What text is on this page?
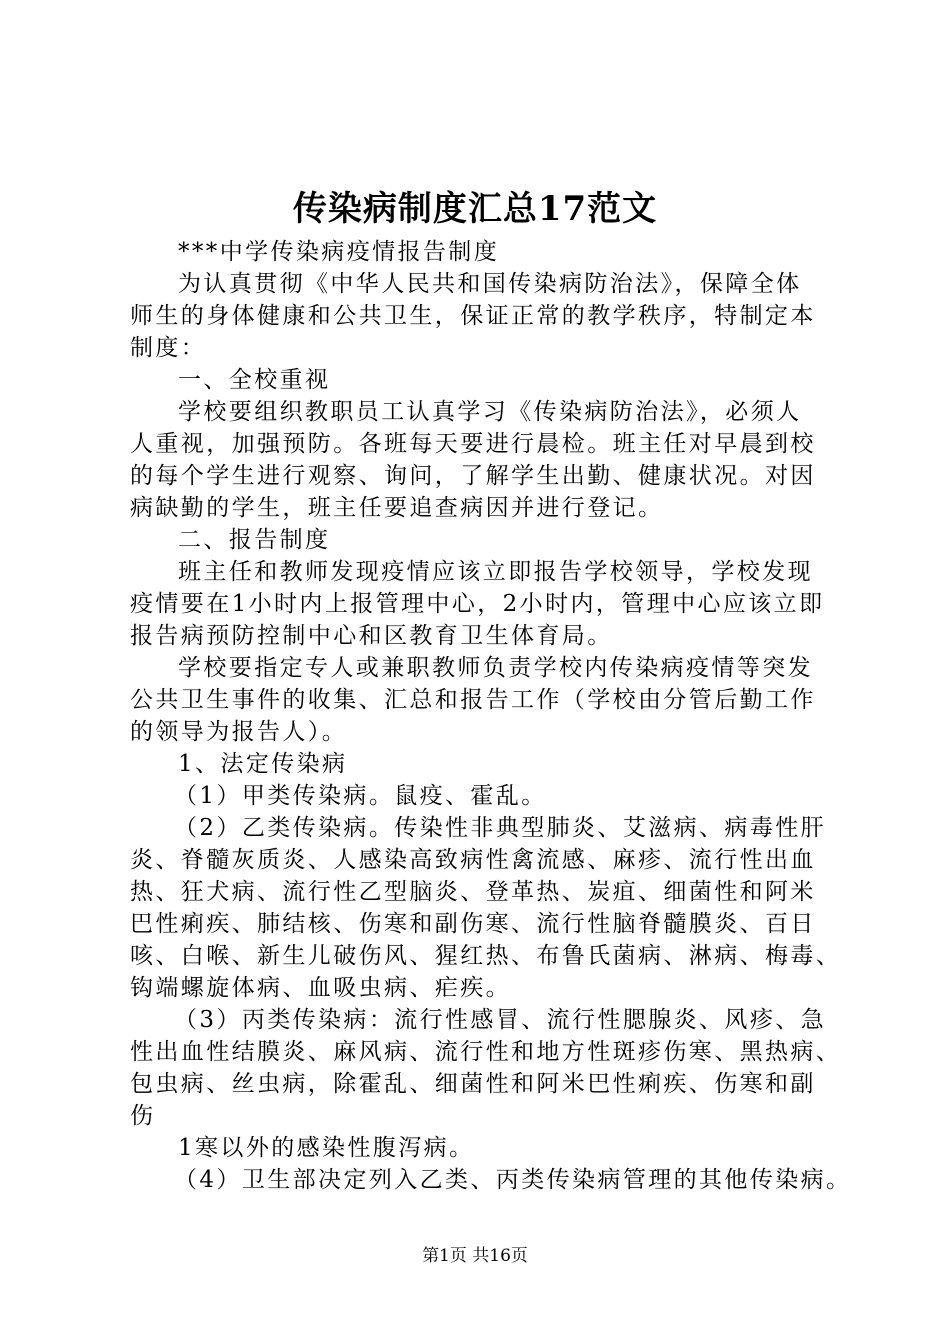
传染病制度汇总17范文
***中学传染病疫情报告制度
为认真贯彻《中华人民共和国传染病防治法》，保障全体
师生的身体健康和公共卫生，保证正常的教学秩序，特制定本
制度：
一、全校重视
学校要组织教职员工认真学习《传染病防治法》，必须人
人重视，加强预防。各班每天要进行晨检。班主任对早晨到校
的每个学生进行观察、询问，了解学生出勤、健康状况。对因
病缺勤的学生，班主任要追查病因并进行登记。
二、报告制度
班主任和教师发现疫情应该立即报告学校领导，学校发现
疫情要在1小时内上报管理中心，2小时内，管理中心应该立即
报告病预防控制中心和区教育卫生体育局。
学校要指定专人或兼职教师负责学校内传染病疫情等突发
公共卫生事件的收集、汇总和报告工作（学校由分管后勤工作
的领导为报告人）。
1、法定传染病
（1）甲类传染病。鼠疫、霍乱。
（2）乙类传染病。传染性非典型肺炎、艾滋病、病毒性肝
炎、脊髓灰质炎、人感染高致病性禽流感、麻疹、流行性出血
热、狂犬病、流行性乙型脑炎、登革热、炭疽、细菌性和阿米
巴性痢疾、肺结核、伤寒和副伤寒、流行性脑脊髓膜炎、百日
咳、白喉、新生儿破伤风、猩红热、布鲁氏菌病、淋病、梅毒、
钩端螺旋体病、血吸虫病、疟疾。
（3）丙类传染病：流行性感冒、流行性腮腺炎、风疹、急
性出血性结膜炎、麻风病、流行性和地方性斑疹伤寒、黑热病、
包虫病、丝虫病，除霍乱、细菌性和阿米巴性痢疾、伤寒和副
伤
1寒以外的感染性腹泻病。
（4）卫生部决定列入乙类、丙类传染病管理的其他传染病。
第1页 共16页
